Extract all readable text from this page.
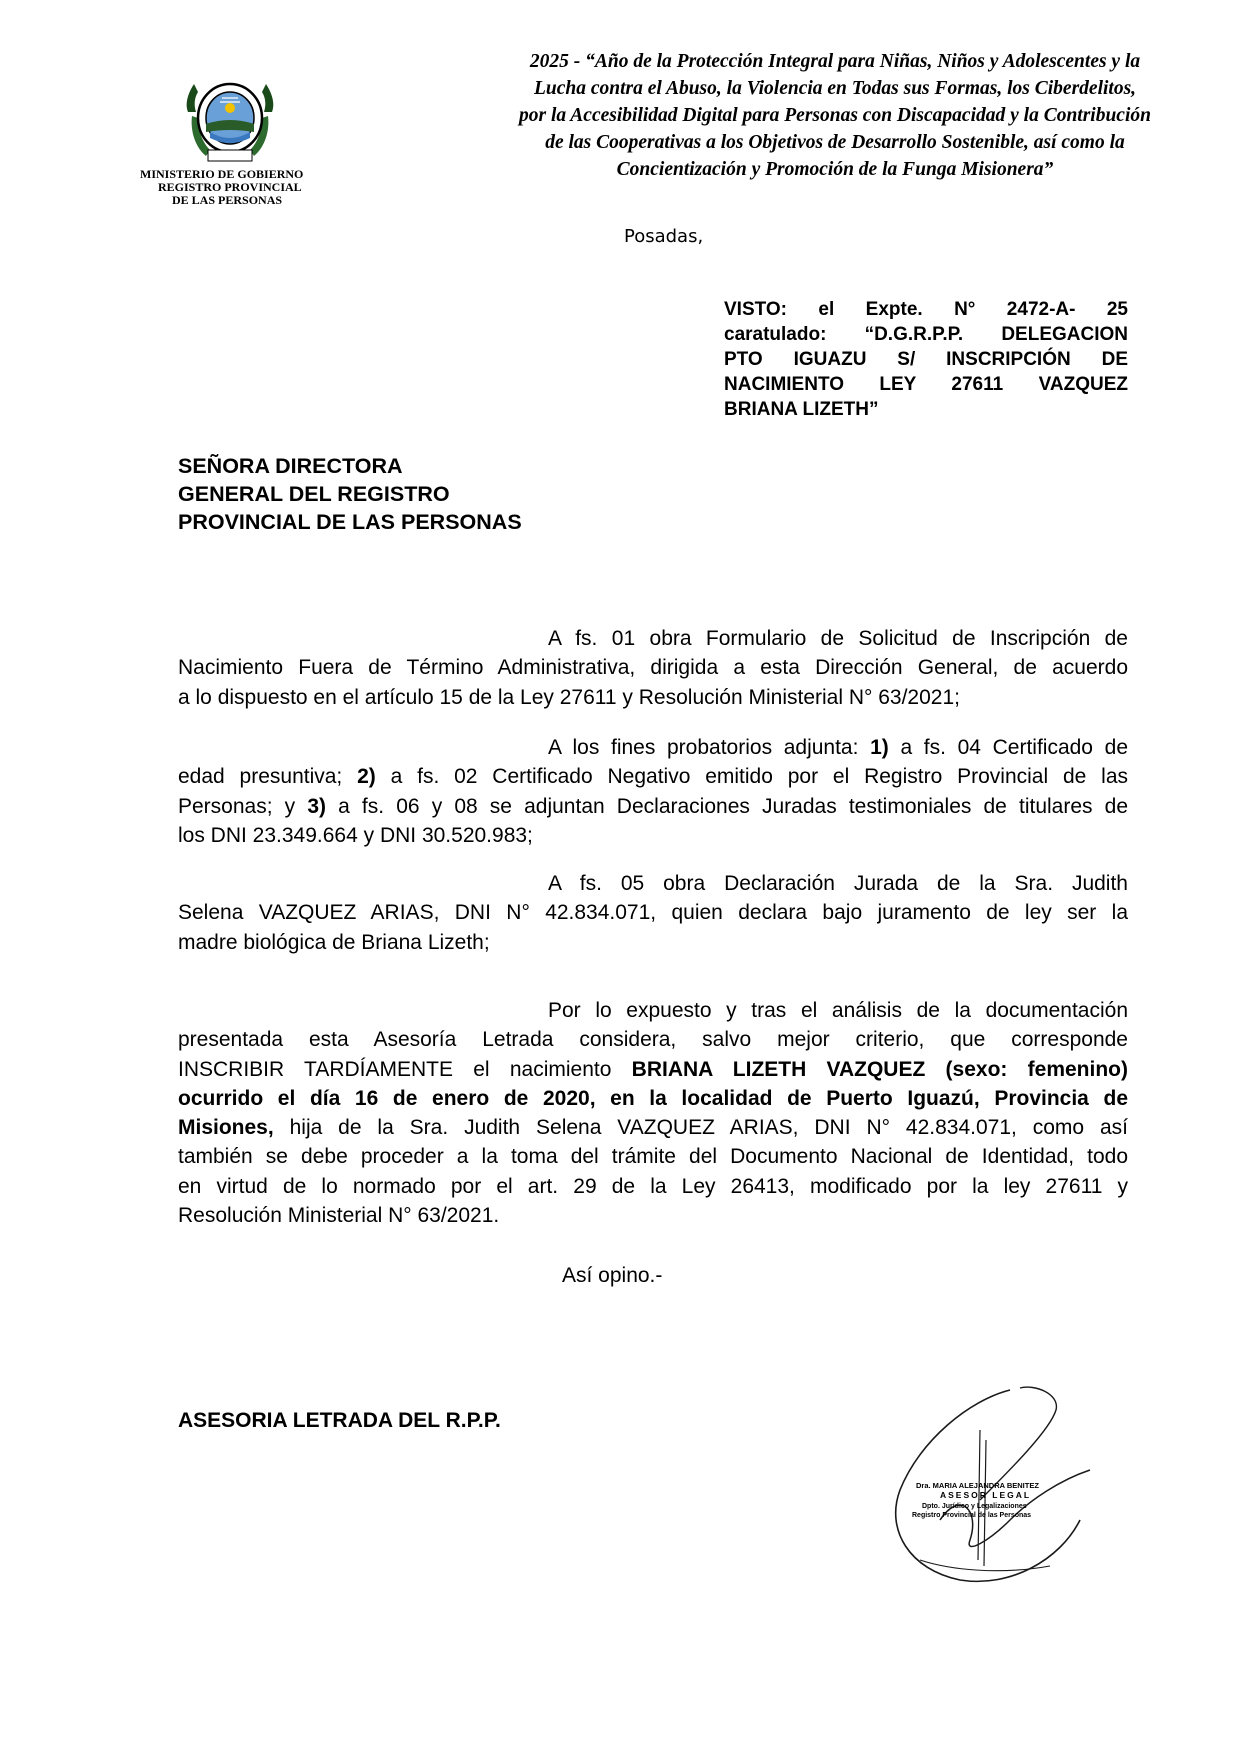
MINISTERIO DE GOBIERNO
REGISTRO PROVINCIAL
DE LAS PERSONAS
2025 - “Año de la Protección Integral para Niñas, Niños y Adolescentes y la
Lucha contra el Abuso, la Violencia en Todas sus Formas, los Ciberdelitos,
por la Accesibilidad Digital para Personas con Discapacidad y la Contribución
de las Cooperativas a los Objetivos de Desarrollo Sostenible, así como la
Concientización y Promoción de la Funga Misionera”
Posadas,
VISTO: el Expte. N° 2472-A- 25
caratulado: “D.G.R.P.P. DELEGACION
PTO IGUAZU S/ INSCRIPCIÓN DE
NACIMIENTO LEY 27611 VAZQUEZ
BRIANA LIZETH”
SEÑORA DIRECTORA
GENERAL DEL REGISTRO
PROVINCIAL DE LAS PERSONAS
A fs. 01 obra Formulario de Solicitud de Inscripción de
Nacimiento Fuera de Término Administrativa, dirigida a esta Dirección General, de acuerdo
a lo dispuesto en el artículo 15 de la Ley 27611 y Resolución Ministerial N° 63/2021;
A los fines probatorios adjunta: 1) a fs. 04 Certificado de
edad presuntiva; 2) a fs. 02 Certificado Negativo emitido por el Registro Provincial de las
Personas; y 3) a fs. 06 y 08 se adjuntan Declaraciones Juradas testimoniales de titulares de
los DNI 23.349.664 y DNI 30.520.983;
A fs. 05 obra Declaración Jurada de la Sra. Judith
Selena VAZQUEZ ARIAS, DNI N° 42.834.071, quien declara bajo juramento de ley ser la
madre biológica de Briana Lizeth;
Por lo expuesto y tras el análisis de la documentación
presentada esta Asesoría Letrada considera, salvo mejor criterio, que corresponde
INSCRIBIR TARDÍAMENTE el nacimiento BRIANA LIZETH VAZQUEZ (sexo: femenino)
ocurrido el día 16 de enero de 2020, en la localidad de Puerto Iguazú, Provincia de
Misiones, hija de la Sra. Judith Selena VAZQUEZ ARIAS, DNI N° 42.834.071, como así
también se debe proceder a la toma del trámite del Documento Nacional de Identidad, todo
en virtud de lo normado por el art. 29 de la Ley 26413, modificado por la ley 27611 y
Resolución Ministerial N° 63/2021.
Así opino.-
ASESORIA LETRADA DEL R.P.P.
Dra. MARIA ALEJANDRA BENITEZ
ASESOR LEGAL
Dpto. Jurídico y Legalizaciones
Registro Provincial de las Personas
